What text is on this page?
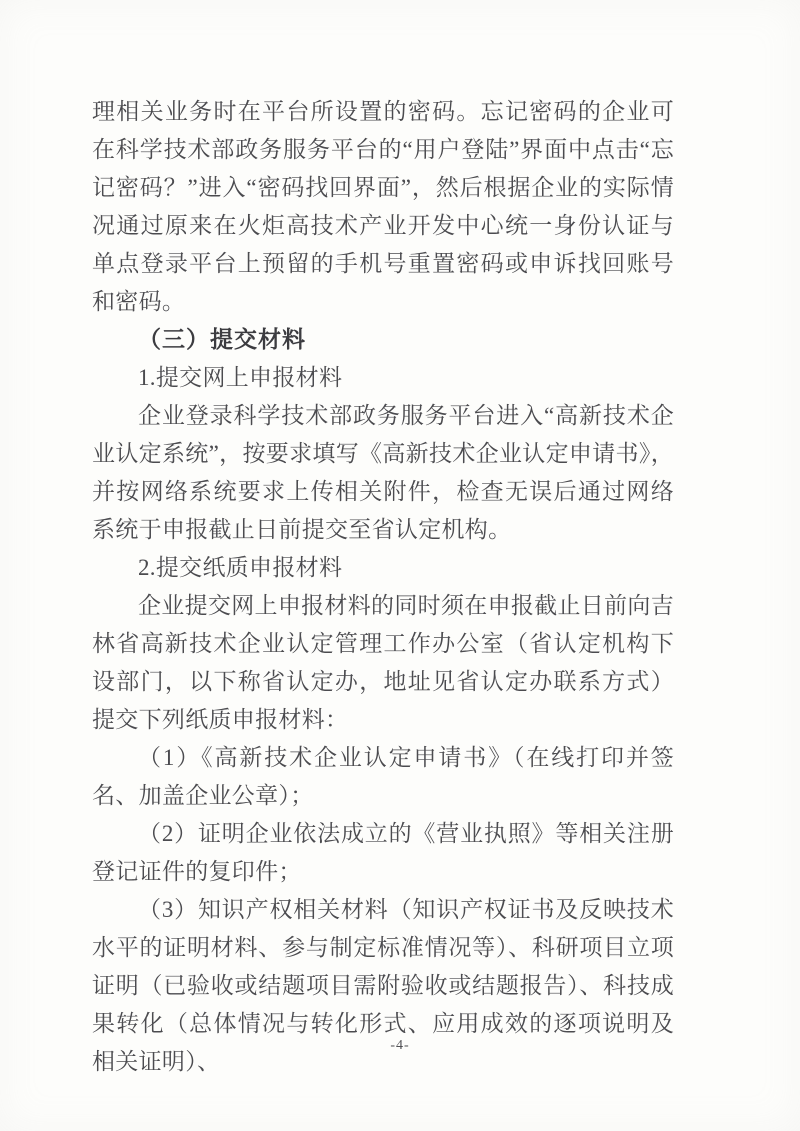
理相关业务时在平台所设置的密码。忘记密码的企业可在科学技术部政务服务平台的“用户登陆”界面中点击“忘记密码？”进入“密码找回界面”，然后根据企业的实际情况通过原来在火炬高技术产业开发中心统一身份认证与单点登录平台上预留的手机号重置密码或申诉找回账号和密码。

（三）提交材料

1.提交网上申报材料

企业登录科学技术部政务服务平台进入“高新技术企业认定系统”，按要求填写《高新技术企业认定申请书》，并按网络系统要求上传相关附件，检查无误后通过网络系统于申报截止日前提交至省认定机构。

2.提交纸质申报材料

企业提交网上申报材料的同时须在申报截止日前向吉林省高新技术企业认定管理工作办公室（省认定机构下设部门，以下称省认定办，地址见省认定办联系方式）提交下列纸质申报材料：

（1）《高新技术企业认定申请书》（在线打印并签名、加盖企业公章）；

（2）证明企业依法成立的《营业执照》等相关注册登记证件的复印件；

（3）知识产权相关材料（知识产权证书及反映技术水平的证明材料、参与制定标准情况等）、科研项目立项证明（已验收或结题项目需附验收或结题报告）、科技成果转化（总体情况与转化形式、应用成效的逐项说明及相关证明）、

-4-
